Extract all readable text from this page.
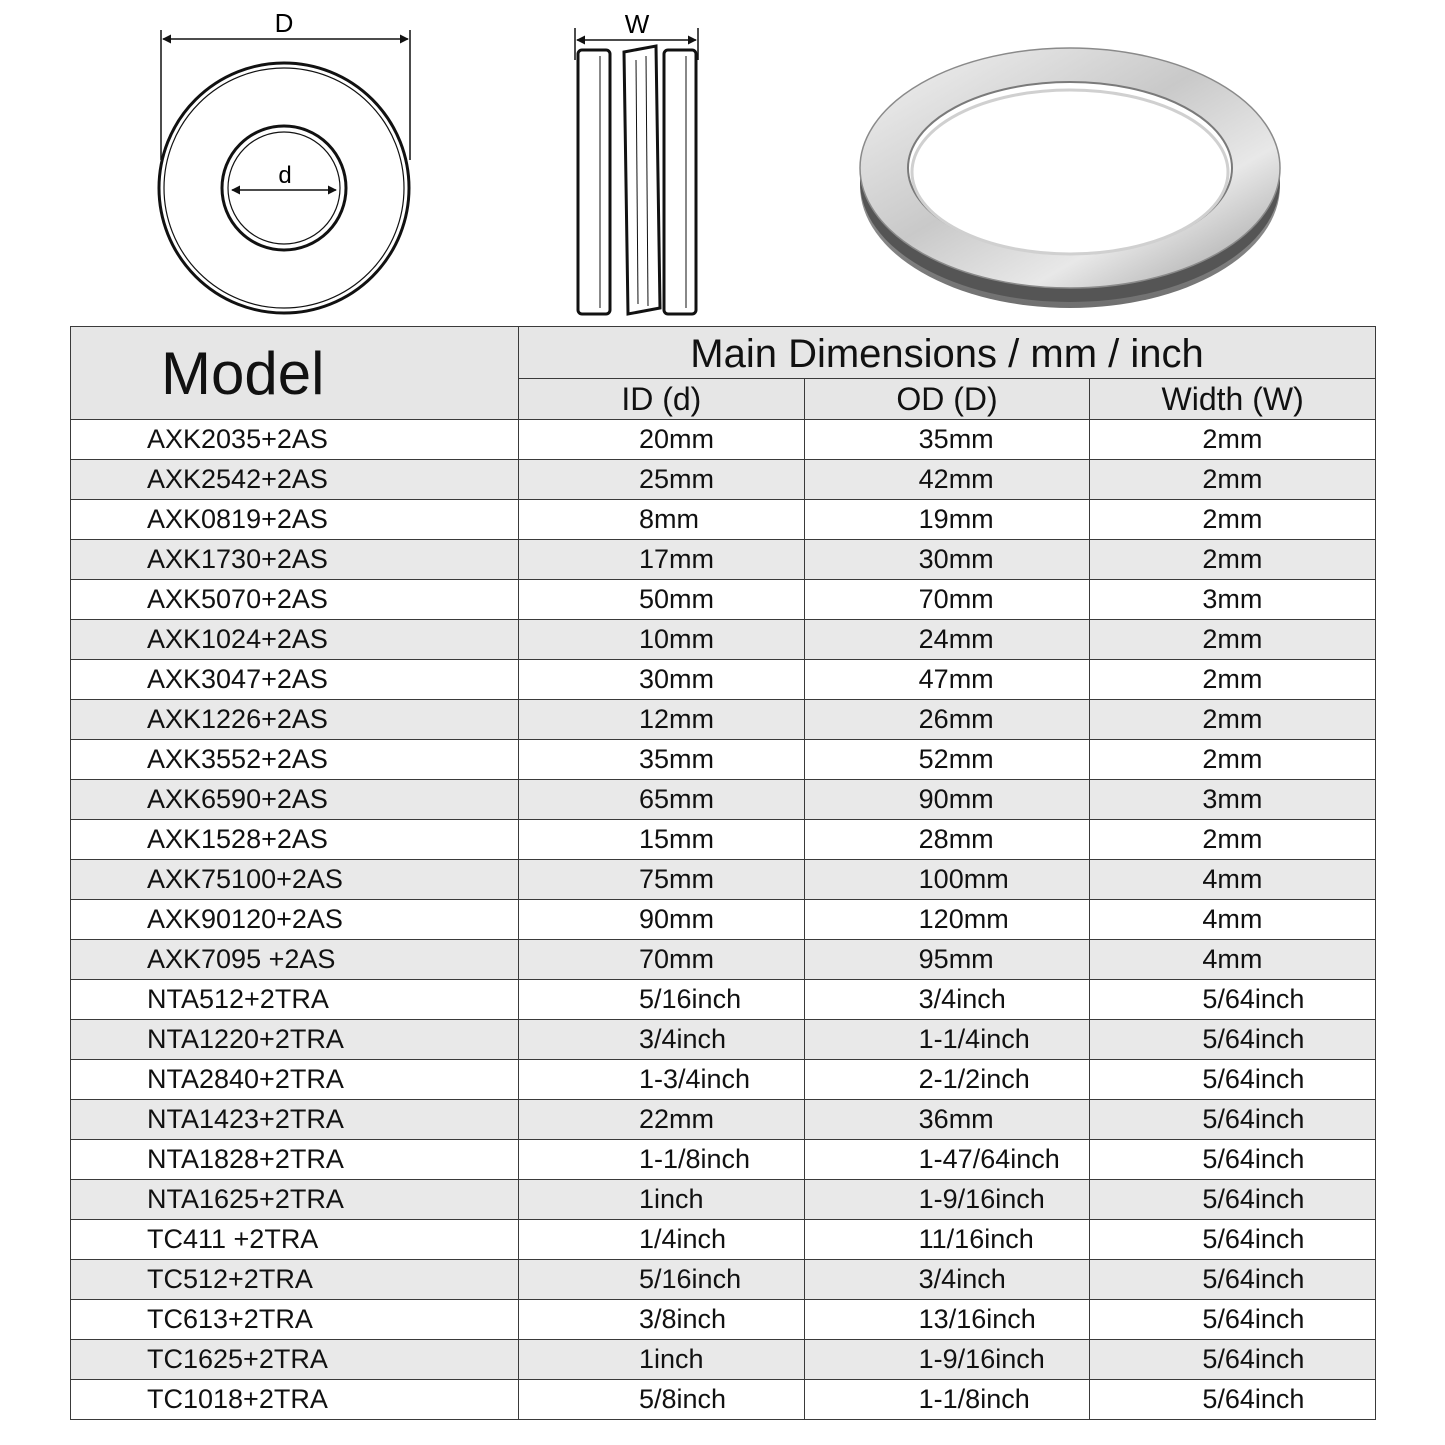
D
d
W
Model	Main Dimensions / mm / inch		
	ID (d)	OD (D)	Width (W)
AXK2035+2AS	20mm	35mm	2mm
AXK2542+2AS	25mm	42mm	2mm
AXK0819+2AS	8mm	19mm	2mm
AXK1730+2AS	17mm	30mm	2mm
AXK5070+2AS	50mm	70mm	3mm
AXK1024+2AS	10mm	24mm	2mm
AXK3047+2AS	30mm	47mm	2mm
AXK1226+2AS	12mm	26mm	2mm
AXK3552+2AS	35mm	52mm	2mm
AXK6590+2AS	65mm	90mm	3mm
AXK1528+2AS	15mm	28mm	2mm
AXK75100+2AS	75mm	100mm	4mm
AXK90120+2AS	90mm	120mm	4mm
AXK7095 +2AS	70mm	95mm	4mm
NTA512+2TRA	5/16inch	3/4inch	5/64inch
NTA1220+2TRA	3/4inch	1-1/4inch	5/64inch
NTA2840+2TRA	1-3/4inch	2-1/2inch	5/64inch
NTA1423+2TRA	22mm	36mm	5/64inch
NTA1828+2TRA	1-1/8inch	1-47/64inch	5/64inch
NTA1625+2TRA	1inch	1-9/16inch	5/64inch
TC411 +2TRA	1/4inch	11/16inch	5/64inch
TC512+2TRA	5/16inch	3/4inch	5/64inch
TC613+2TRA	3/8inch	13/16inch	5/64inch
TC1625+2TRA	1inch	1-9/16inch	5/64inch
TC1018+2TRA	5/8inch	1-1/8inch	5/64inch
